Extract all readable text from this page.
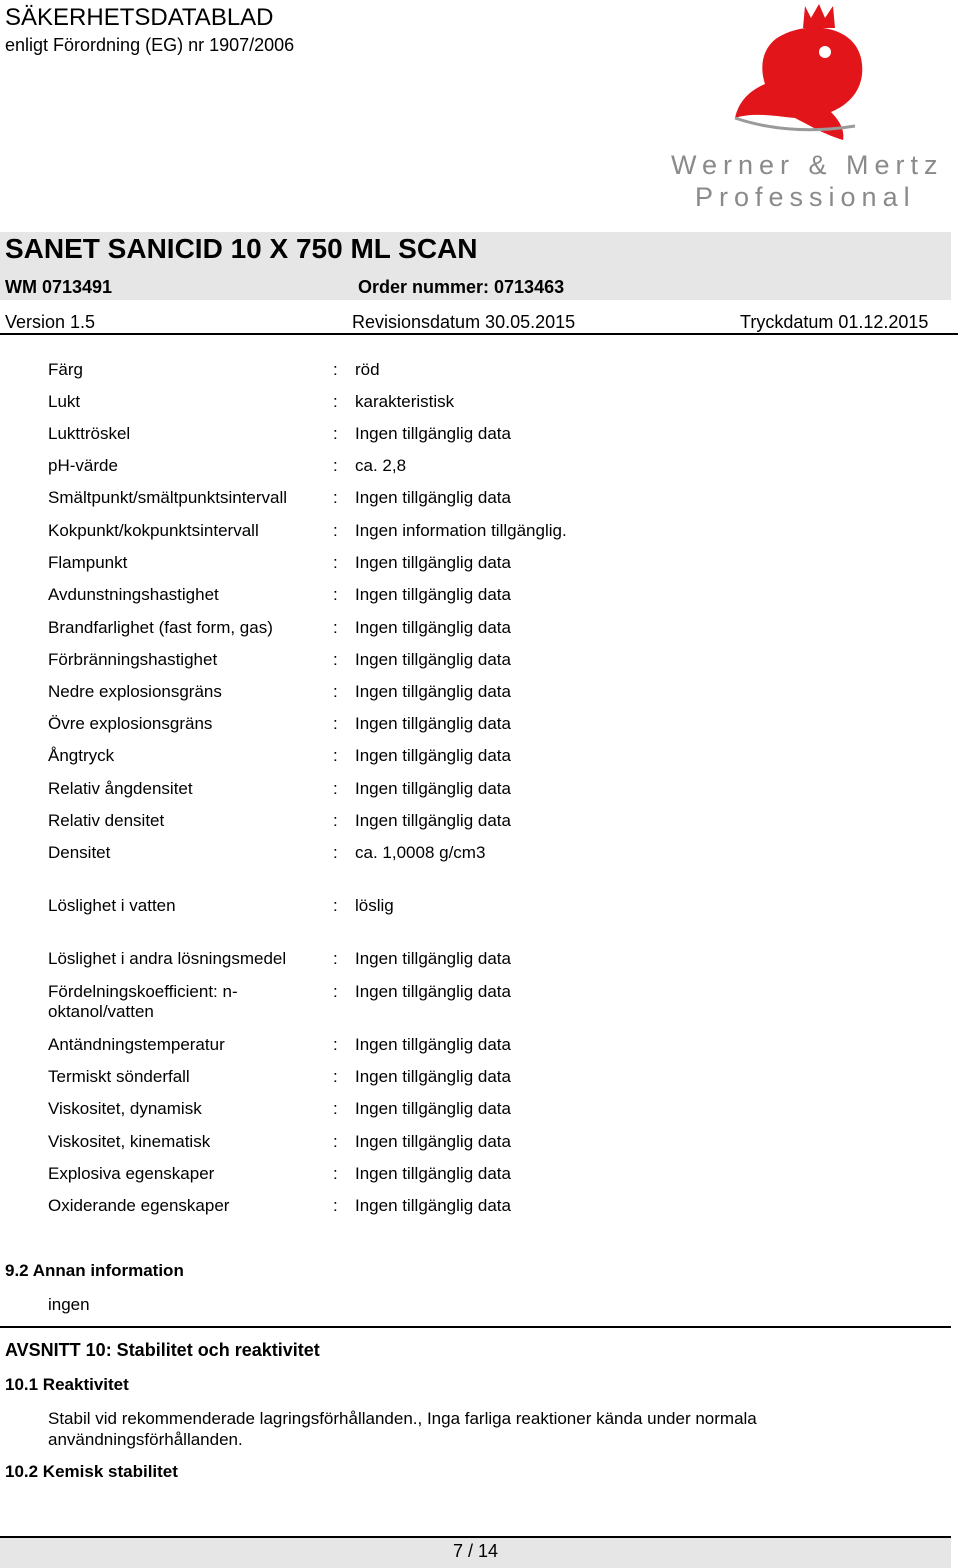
SÄKERHETSDATABLAD
enligt Förordning (EG) nr 1907/2006
Werner & Mertz
Professional
SANET SANICID 10 X 750 ML SCAN
WM 0713491	Order nummer: 0713463
Version 1.5	Revisionsdatum 30.05.2015	Tryckdatum 01.12.2015
Färg	: röd
Lukt	: karakteristisk
Lukttröskel	: Ingen tillgänglig data
pH-värde	: ca. 2,8
Smältpunkt/smältpunktsintervall	: Ingen tillgänglig data
Kokpunkt/kokpunktsintervall	: Ingen information tillgänglig.
Flampunkt	: Ingen tillgänglig data
Avdunstningshastighet	: Ingen tillgänglig data
Brandfarlighet (fast form, gas)	: Ingen tillgänglig data
Förbränningshastighet	: Ingen tillgänglig data
Nedre explosionsgräns	: Ingen tillgänglig data
Övre explosionsgräns	: Ingen tillgänglig data
Ångtryck	: Ingen tillgänglig data
Relativ ångdensitet	: Ingen tillgänglig data
Relativ densitet	: Ingen tillgänglig data
Densitet	: ca. 1,0008 g/cm3
Löslighet i vatten	: löslig
Löslighet i andra lösningsmedel	: Ingen tillgänglig data
Fördelningskoefficient: n-
oktanol/vatten
: Ingen tillgänglig data
Antändningstemperatur	: Ingen tillgänglig data
Termiskt sönderfall	: Ingen tillgänglig data
Viskositet, dynamisk	: Ingen tillgänglig data
Viskositet, kinematisk	: Ingen tillgänglig data
Explosiva egenskaper	: Ingen tillgänglig data
Oxiderande egenskaper	: Ingen tillgänglig data
9.2 Annan information
ingen
AVSNITT 10: Stabilitet och reaktivitet
10.1 Reaktivitet
Stabil vid rekommenderade lagringsförhållanden., Inga farliga reaktioner kända under normala
användningsförhållanden.
10.2 Kemisk stabilitet
7 / 14
